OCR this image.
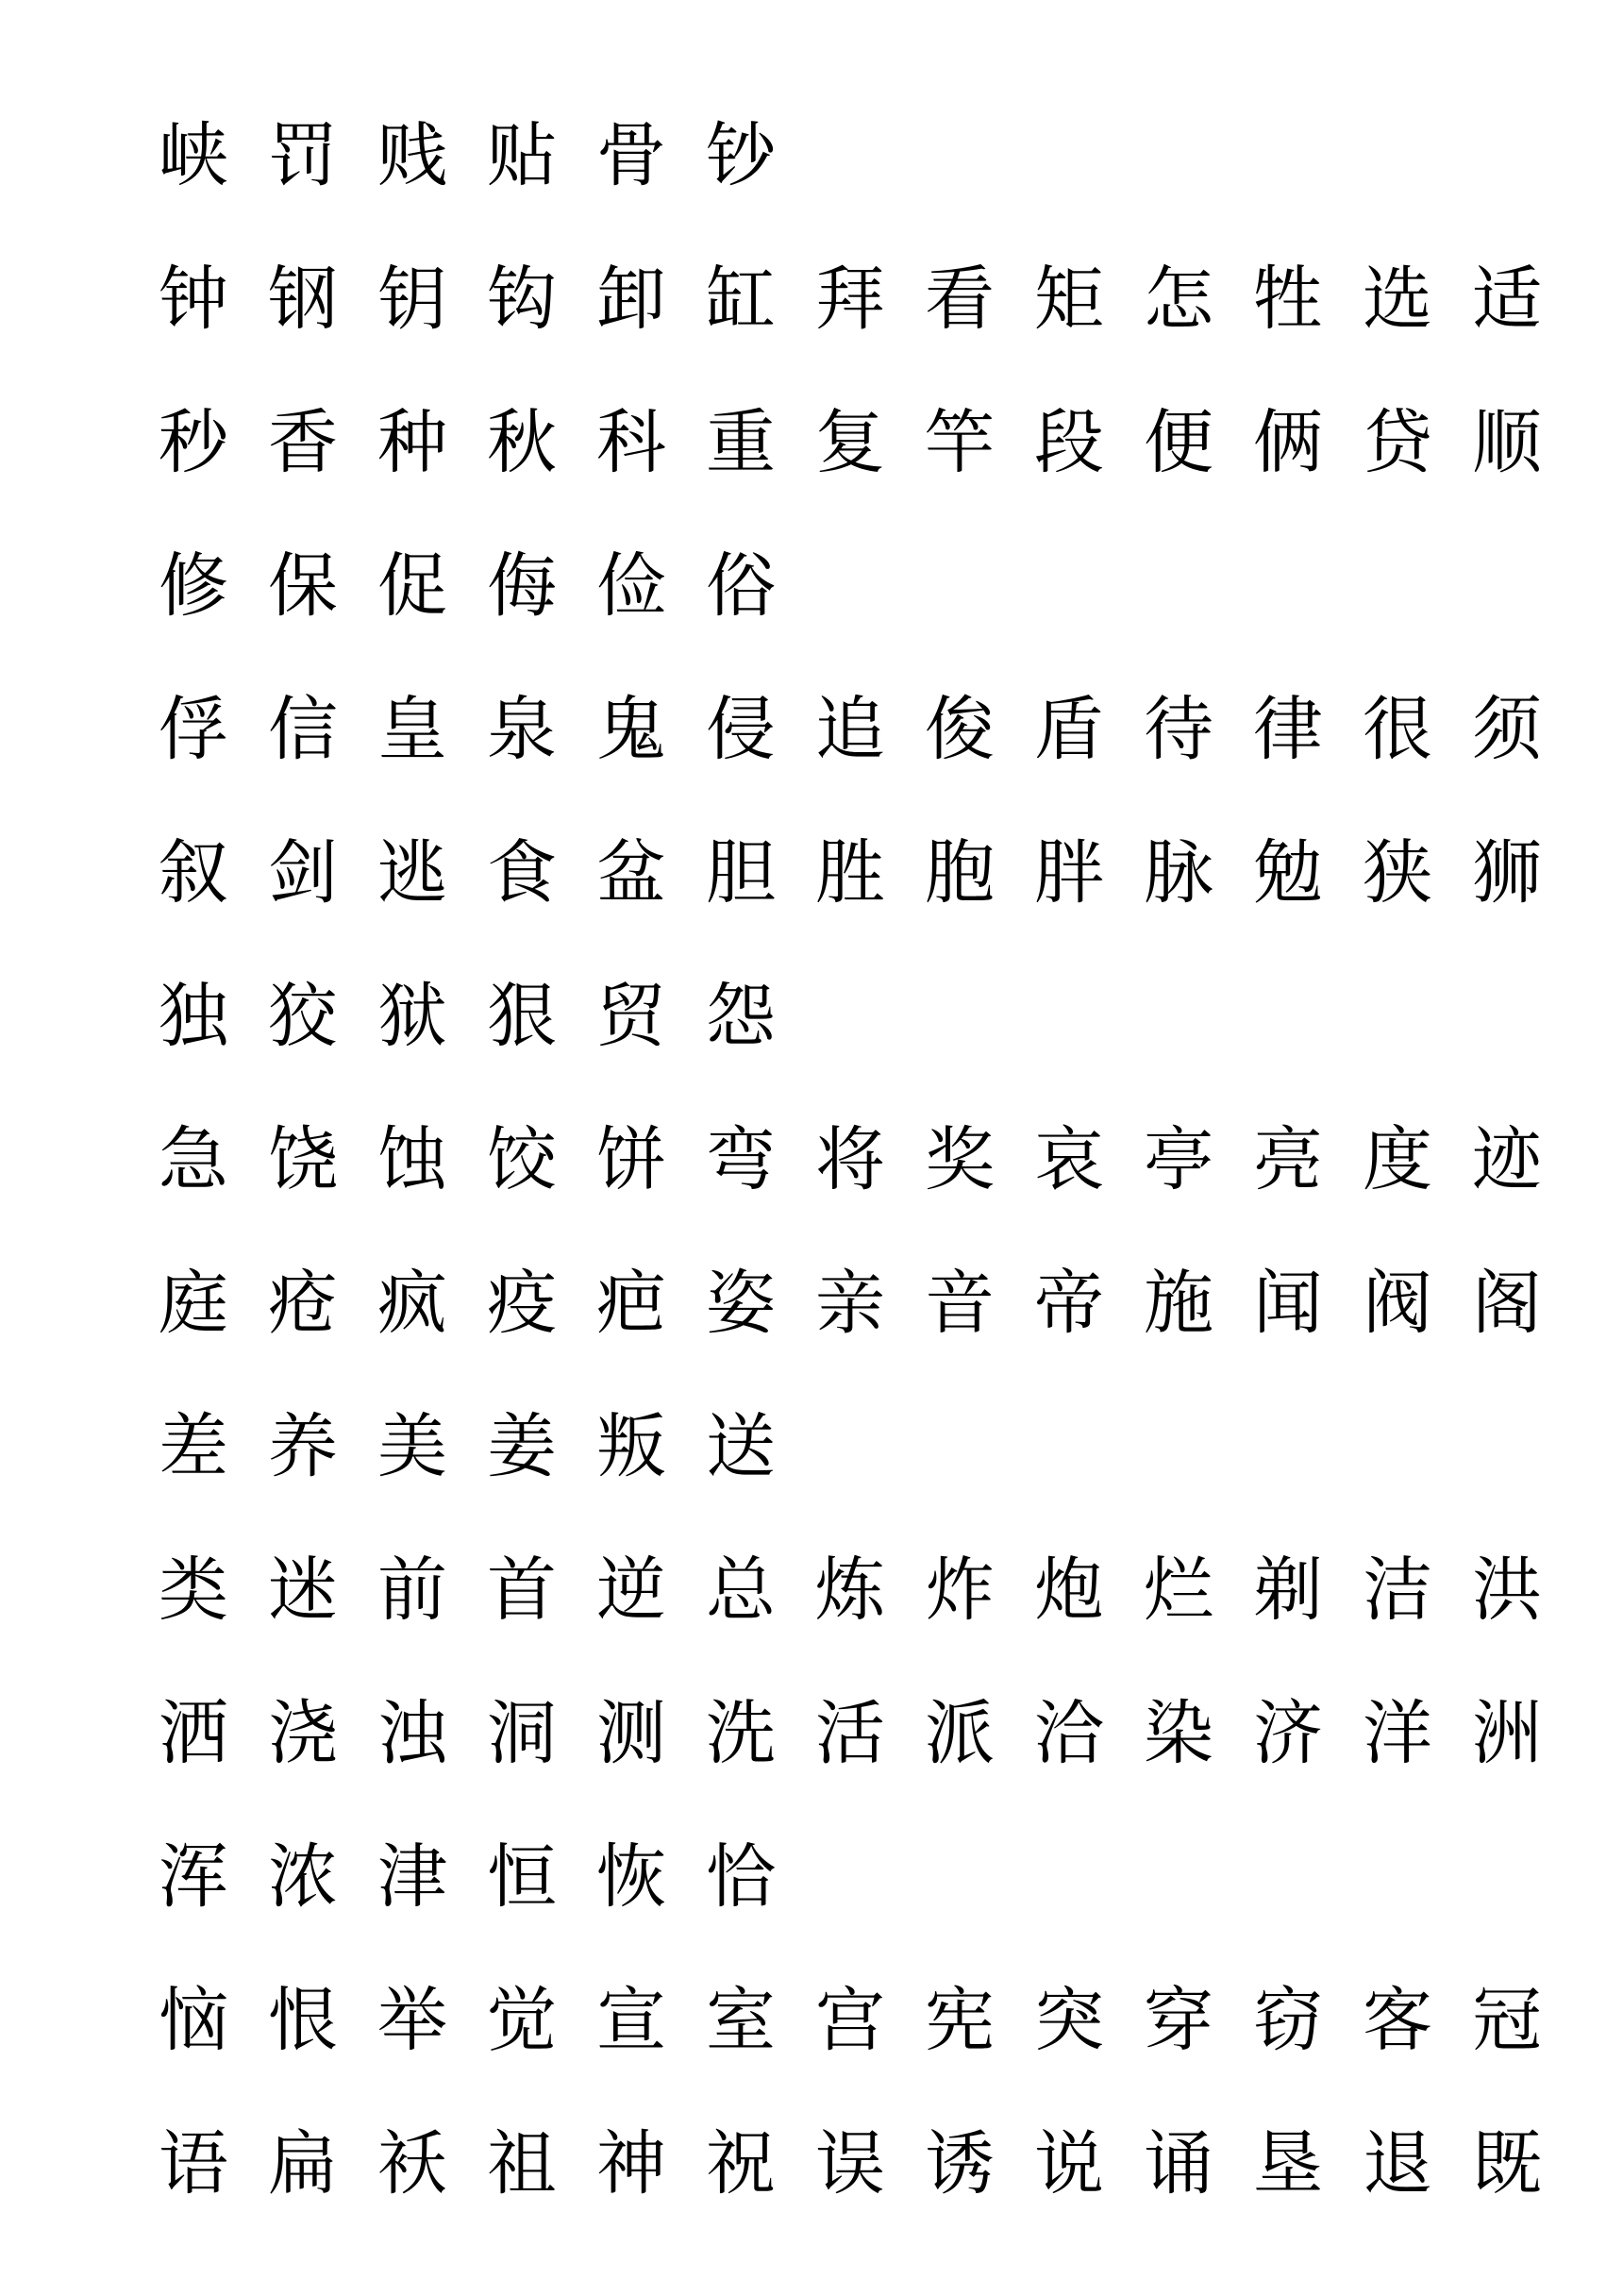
峡 罚 贱 贴 骨 钞
钟 钢 钥 钩 卸 缸 拜 看 矩 怎 牲 选 适
秒 香 种 秋 科 重 复 竿 段 便 俩 贷 顺
修 保 促 侮 俭 俗
俘 信 皇 泉 鬼 侵 追 俊 盾 待 律 很 须
叙 剑 逃 食 盆 胆 胜 胞 胖 脉 勉 狭 狮
独 狡 狱 狠 贸 怨
急 饶 蚀 饺 饼 弯 将 奖 哀 亭 亮 度 迹
庭 疮 疯 疫 疤 姿 亲 音 帝 施 闻 阀 阁
差 养 美 姜 叛 送
类 迷 前 首 逆 总 炼 炸 炮 烂 剃 洁 洪
洒 浇 浊 洞 测 洗 活 派 洽 染 济 洋 洲
浑 浓 津 恒 恢 恰
恼 恨 举 觉 宣 室 宫 宪 突 穿 窃 客 冠
语 扁 袄 祖 神 祝 误 诱 说 诵 垦 退 既
